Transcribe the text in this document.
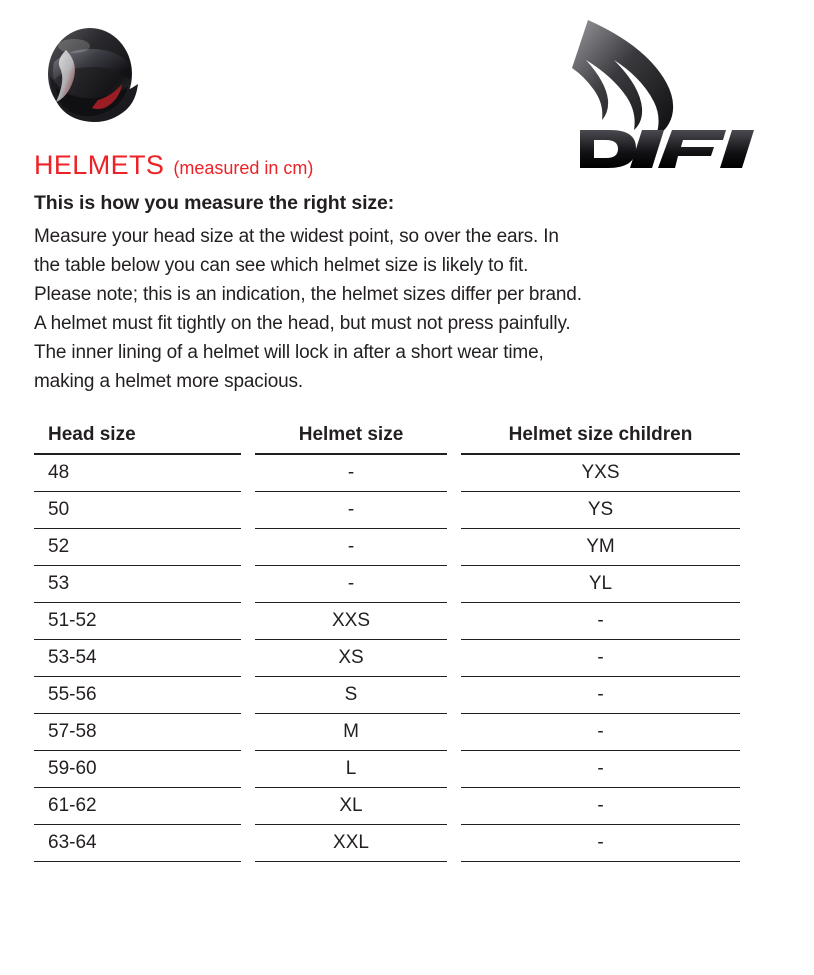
HELMETS (measured in cm)
This is how you measure the right size:

Measure your head size at the widest point, so over the ears. In

the table below you can see which helmet size is likely to fit.

Please note; this is an indication, the helmet sizes differ per brand.

A helmet must fit tightly on the head, but must not press painfully.

The inner lining of a helmet will lock in after a short wear time,

making a helmet more spacious.

Head size	Helmet size	Helmet size children
48	-	YXS
50	-	YS
52	-	YM
53	-	YL
51-52	XXS	-
53-54	XS	-
55-56	S	-
57-58	M	-
59-60	L	-
61-62	XL	-
63-64	XXL	-
